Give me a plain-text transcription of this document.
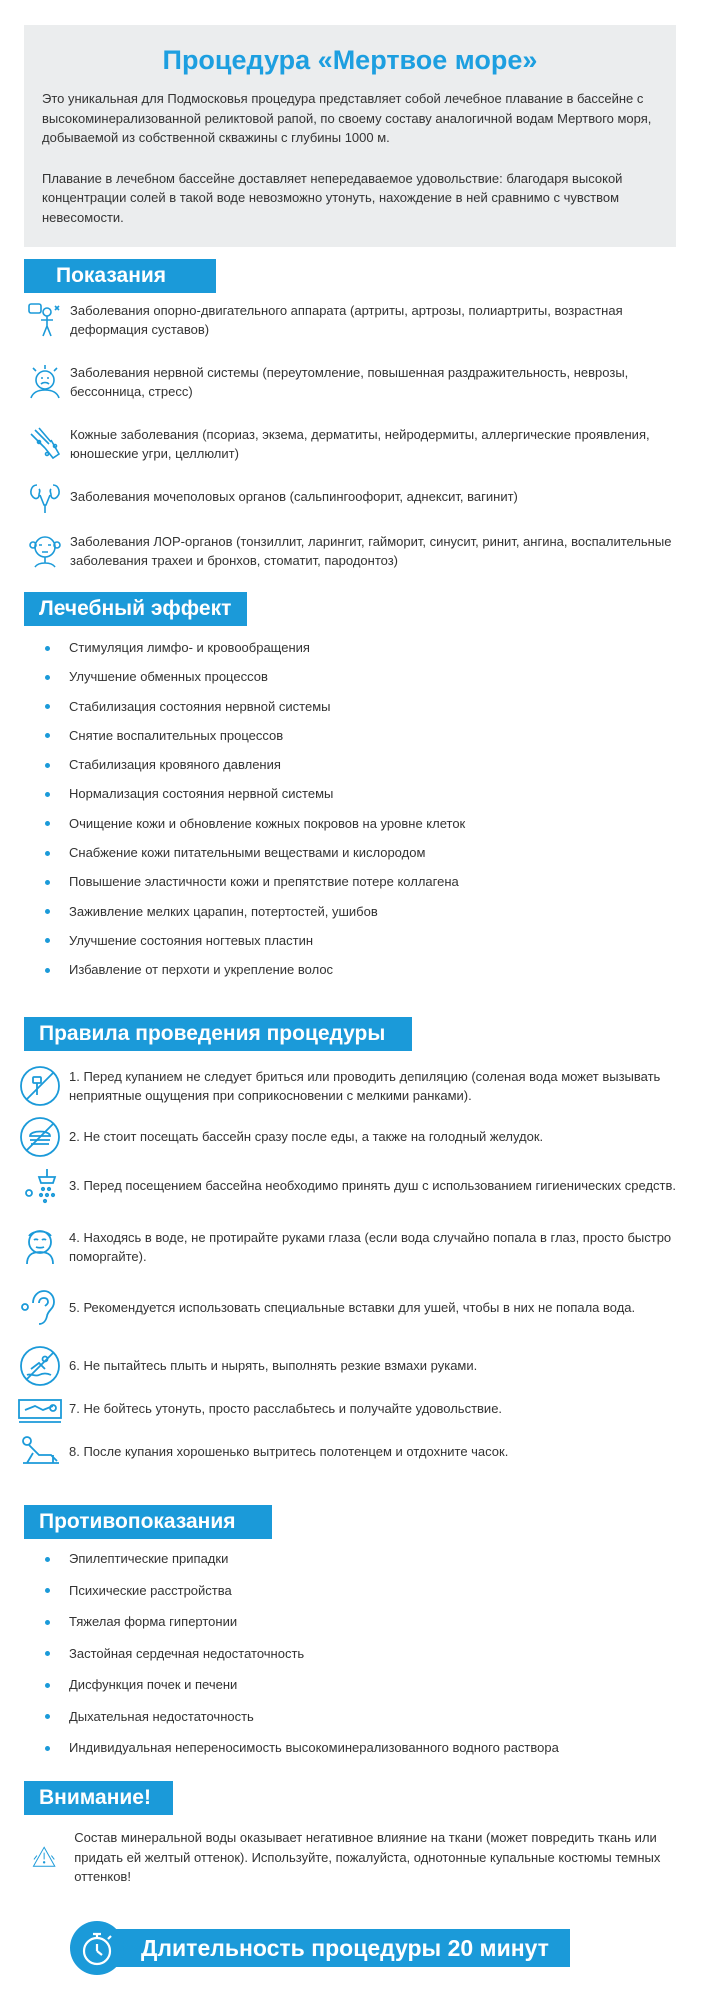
Процедура «Мертвое море»

Это уникальная для Подмосковья процедура представляет собой лечебное плавание в бассейне с высокоминерализованной реликтовой рапой, по своему составу аналогичной водам Мертвого моря, добываемой из собственной скважины с глубины 1000 м.

Плавание в лечебном бассейне доставляет непередаваемое удовольствие: благодаря высокой концентрации солей в такой воде невозможно утонуть, нахождение в ней сравнимо с чувством невесомости.

Показания
Заболевания опорно-двигательного аппарата (артриты, артрозы, полиартриты, возрастная деформация суставов)
Заболевания нервной системы (переутомление, повышенная раздражительность, неврозы, бессонница, стресс)
Кожные заболевания (псориаз, экзема, дерматиты, нейродермиты, аллергические проявления, юношеские угри, целлюлит)
Заболевания мочеполовых органов (сальпингоофорит, аднексит, вагинит)
Заболевания ЛОР-органов (тонзиллит, ларингит, гайморит, синусит, ринит, ангина, воспалительные заболевания трахеи и бронхов, стоматит, пародонтоз)
Лечебный эффект
Стимуляция лимфо- и кровообращения
Улучшение обменных процессов
Стабилизация состояния нервной системы
Снятие воспалительных процессов
Стабилизация кровяного давления
Нормализация состояния нервной системы
Очищение кожи и обновление кожных покровов на уровне клеток
Снабжение кожи питательными веществами и кислородом
Повышение эластичности кожи и препятствие потере коллагена
Заживление мелких царапин, потертостей, ушибов
Улучшение состояния ногтевых пластин
Избавление от перхоти и укрепление волос
Правила проведения процедуры
1. Перед купанием не следует бриться или проводить депиляцию (соленая вода может вызывать неприятные ощущения при соприкосновении с мелкими ранками).
2. Не стоит посещать бассейн сразу после еды, а также на голодный желудок.
3. Перед посещением бассейна необходимо принять душ с использованием гигиенических средств.
4. Находясь в воде, не протирайте руками глаза (если вода случайно попала в глаз, просто быстро поморгайте).
5. Рекомендуется использовать специальные вставки для ушей, чтобы в них не попала вода.
6. Не пытайтесь плыть и нырять, выполнять резкие взмахи руками.
7. Не бойтесь утонуть, просто расслабьтесь и получайте удовольствие.
8. После купания хорошенько вытритесь полотенцем и отдохните часок.
Противопоказания
Эпилептические припадки
Психические расстройства
Тяжелая форма гипертонии
Застойная сердечная недостаточность
Дисфункция почек и печени
Дыхательная недостаточность
Индивидуальная непереносимость высокоминерализованного водного раствора
Внимание!
Состав минеральной воды оказывает негативное влияние на ткани (может повредить ткань или придать ей желтый оттенок). Используйте, пожалуйста, однотонные купальные костюмы темных оттенков!
Длительность процедуры 20 минут
